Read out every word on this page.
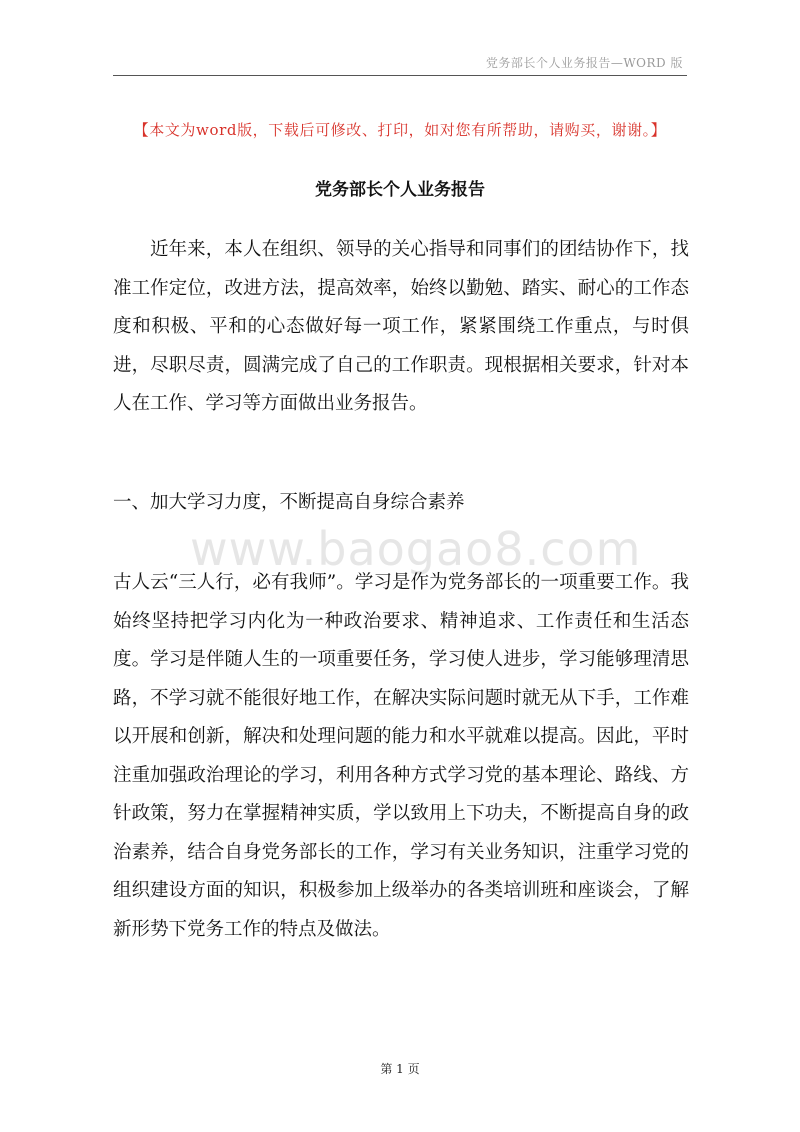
党务部长个人业务报告—WORD 版
【本文为word版，下载后可修改、打印，如对您有所帮助，请购买，谢谢。】
党务部长个人业务报告

近年来，本人在组织、领导的关心指导和同事们的团结协作下，找准工作定位，改进方法，提高效率，始终以勤勉、踏实、耐心的工作态度和积极、平和的心态做好每一项工作，紧紧围绕工作重点，与时俱进，尽职尽责，圆满完成了自己的工作职责。现根据相关要求，针对本人在工作、学习等方面做出业务报告。

一、加大学习力度，不断提高自身综合素养

www.baogao8.com

古人云“三人行，必有我师”。学习是作为党务部长的一项重要工作。我始终坚持把学习内化为一种政治要求、精神追求、工作责任和生活态度。学习是伴随人生的一项重要任务，学习使人进步，学习能够理清思路，不学习就不能很好地工作，在解决实际问题时就无从下手，工作难以开展和创新，解决和处理问题的能力和水平就难以提高。因此，平时注重加强政治理论的学习，利用各种方式学习党的基本理论、路线、方针政策，努力在掌握精神实质，学以致用上下功夫，不断提高自身的政治素养，结合自身党务部长的工作，学习有关业务知识，注重学习党的组织建设方面的知识，积极参加上级举办的各类培训班和座谈会，了解新形势下党务工作的特点及做法。

第 1 页
